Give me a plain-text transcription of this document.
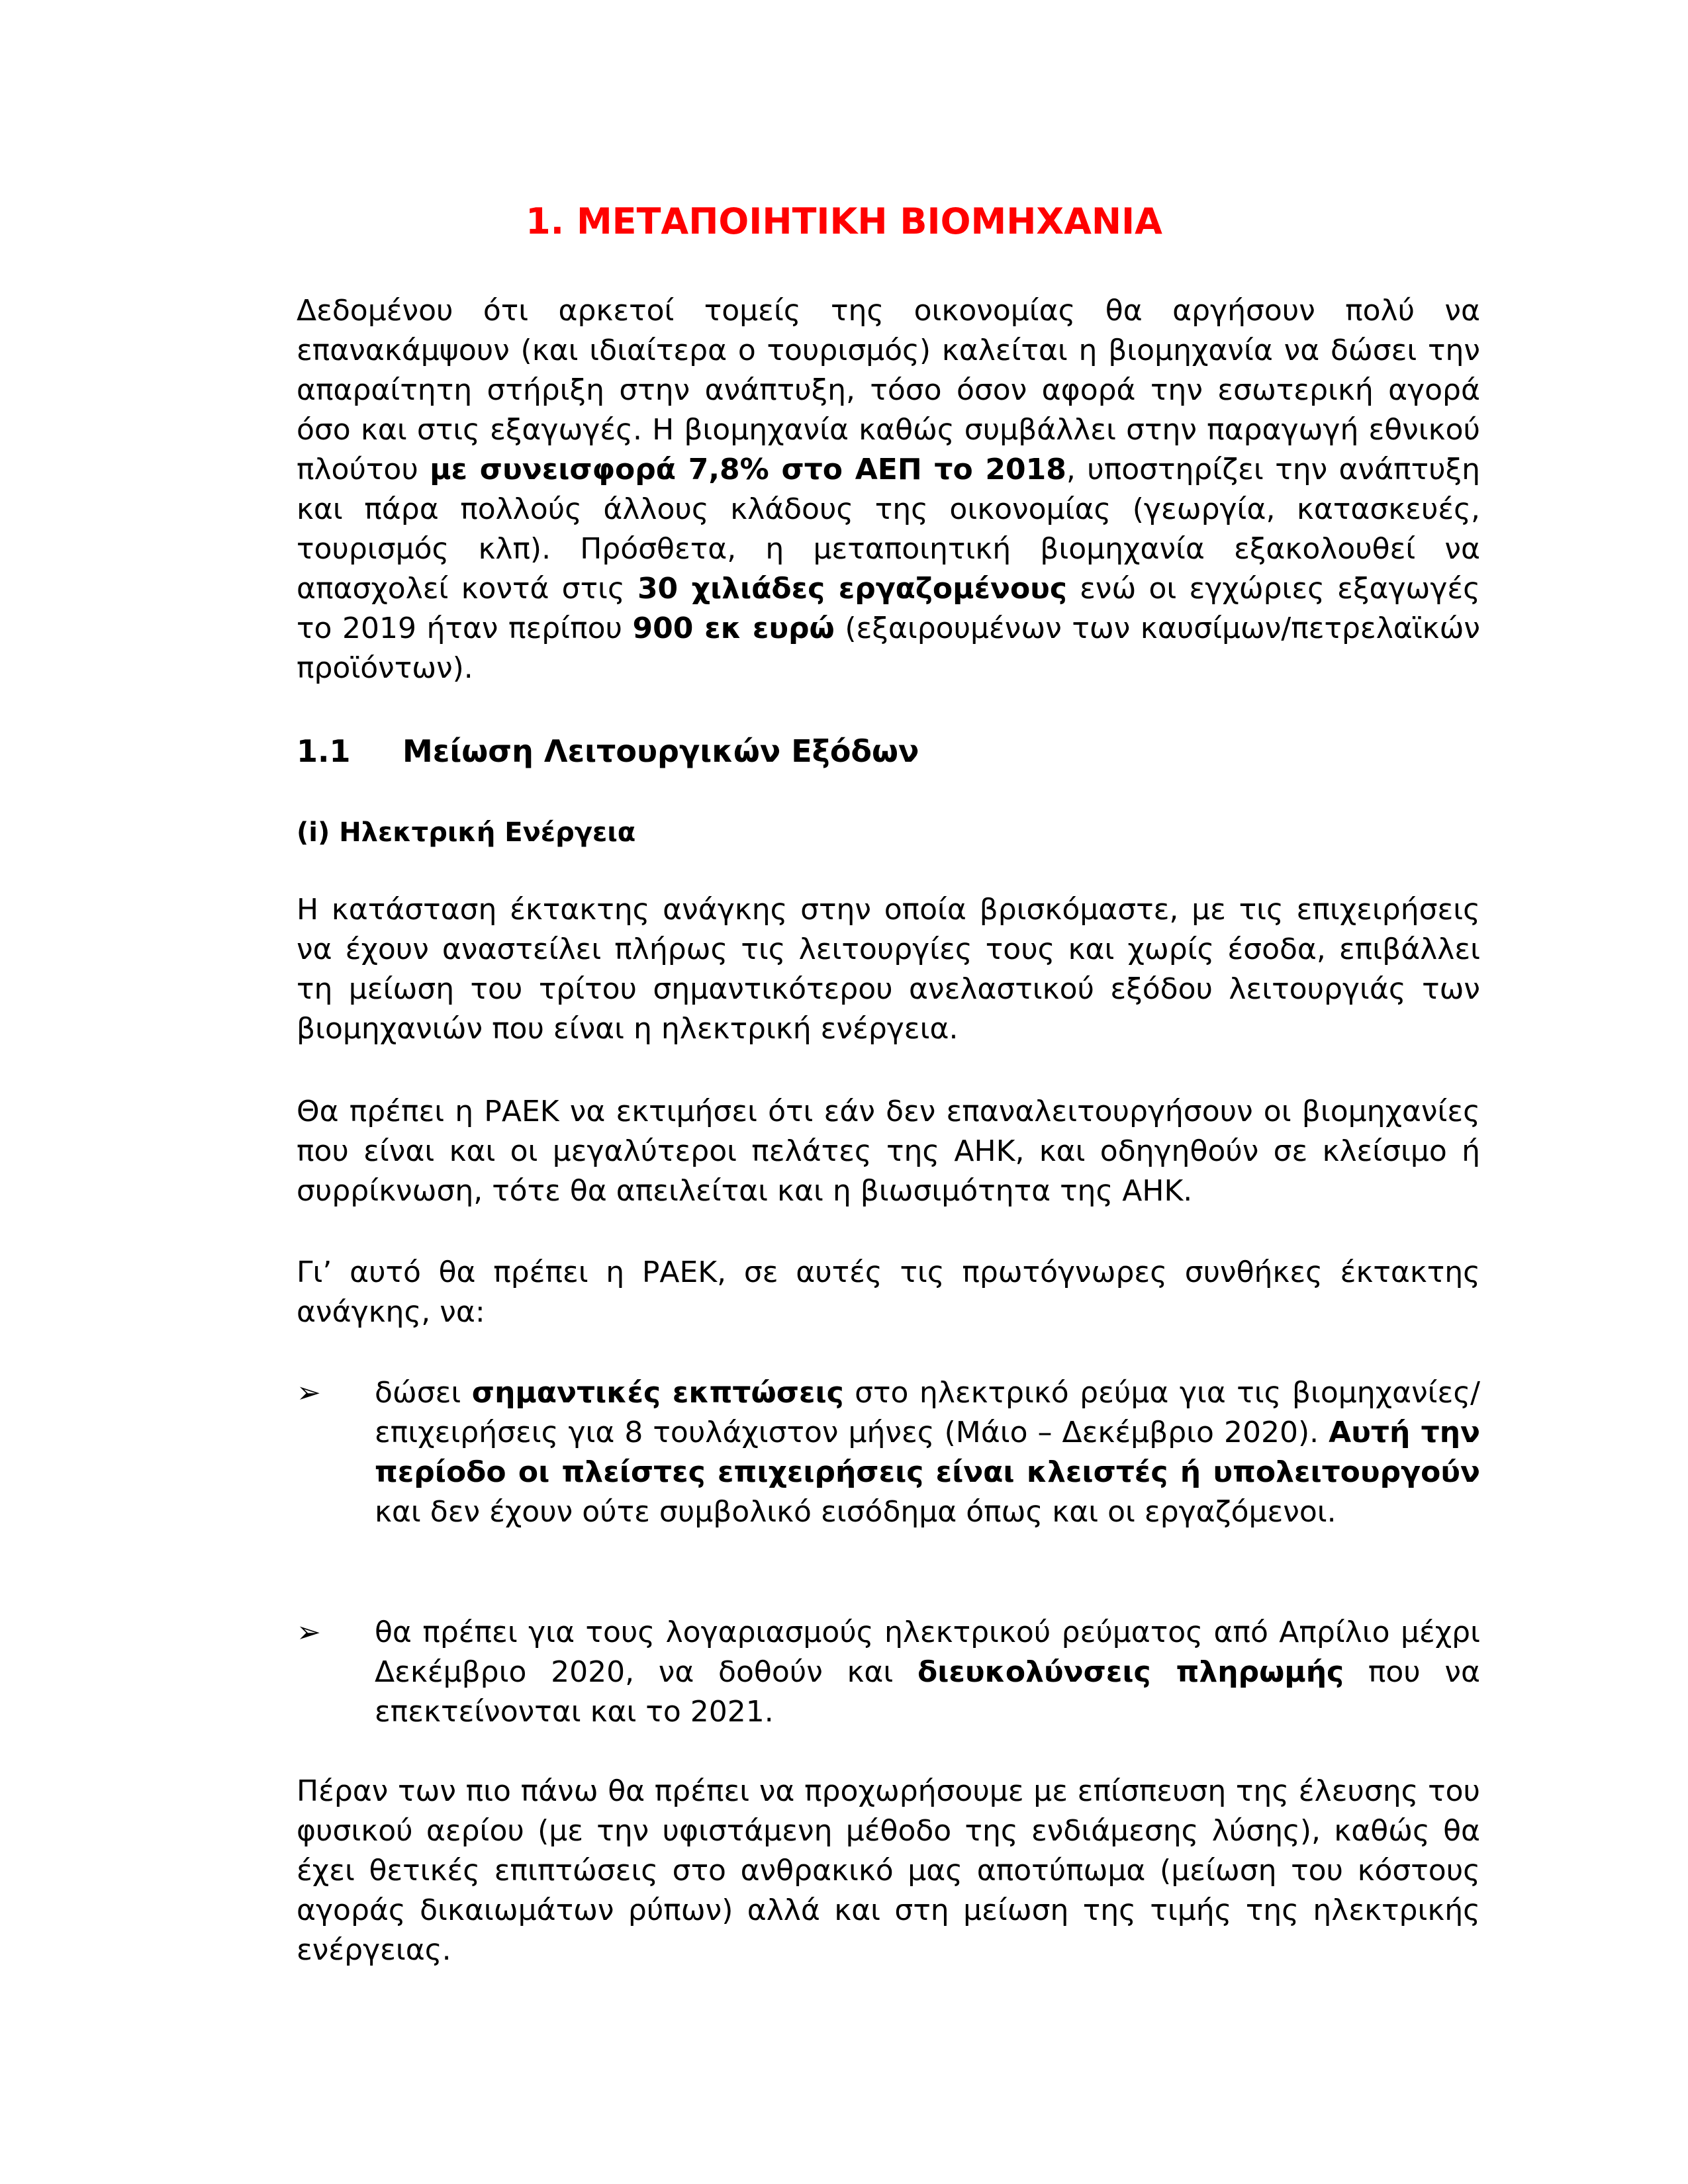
1. ΜΕΤΑΠΟΙΗΤΙΚΗ ΒΙΟΜΗΧΑΝΙΑ
Δεδομένου ότι αρκετοί τομείς της οικονομίας θα αργήσουν πολύ να επανακάμψουν (και ιδιαίτερα ο τουρισμός) καλείται η βιομηχανία να δώσει την απαραίτητη στήριξη στην ανάπτυξη, τόσο όσον αφορά την εσωτερική αγορά όσο και στις εξαγωγές. Η βιομηχανία καθώς συμβάλλει στην παραγωγή εθνικού πλούτου με συνεισφορά 7,8% στο ΑΕΠ το 2018, υποστηρίζει την ανάπτυξη και πάρα πολλούς άλλους κλάδους της οικονομίας (γεωργία, κατασκευές, τουρισμός κλπ). Πρόσθετα, η μεταποιητική βιομηχανία εξακολουθεί να απασχολεί κοντά στις 30 χιλιάδες εργαζομένους ενώ οι εγχώριες εξαγωγές το 2019 ήταν περίπου 900 εκ ευρώ (εξαιρουμένων των καυσίμων/πετρελαϊκών προϊόντων).
1.1 Μείωση Λειτουργικών Εξόδων
(i) Ηλεκτρική Ενέργεια
Η κατάσταση έκτακτης ανάγκης στην οποία βρισκόμαστε, με τις επιχειρήσεις να έχουν αναστείλει πλήρως τις λειτουργίες τους και χωρίς έσοδα, επιβάλλει τη μείωση του τρίτου σημαντικότερου ανελαστικού εξόδου λειτουργιάς των βιομηχανιών που είναι η ηλεκτρική ενέργεια.
Θα πρέπει η ΡΑΕΚ να εκτιμήσει ότι εάν δεν επαναλειτουργήσουν οι βιομηχανίες που είναι και οι μεγαλύτεροι πελάτες της ΑΗΚ, και οδηγηθούν σε κλείσιμο ή συρρίκνωση, τότε θα απειλείται και η βιωσιμότητα της ΑΗΚ.
Γι’ αυτό θα πρέπει η ΡΑΕΚ, σε αυτές τις πρωτόγνωρες συνθήκες έκτακτης ανάγκης, να:
➢	δώσει σημαντικές εκπτώσεις στο ηλεκτρικό ρεύμα για τις βιομηχανίες/επιχειρήσεις για 8 τουλάχιστον μήνες (Μάιο – Δεκέμβριο 2020). Αυτή την περίοδο οι πλείστες επιχειρήσεις είναι κλειστές ή υπολειτουργούν και δεν έχουν ούτε συμβολικό εισόδημα όπως και οι εργαζόμενοι.
➢	θα πρέπει για τους λογαριασμούς ηλεκτρικού ρεύματος από Απρίλιο μέχρι Δεκέμβριο 2020, να δοθούν και διευκολύνσεις πληρωμής που να επεκτείνονται και το 2021.
Πέραν των πιο πάνω θα πρέπει να προχωρήσουμε με επίσπευση της έλευσης του φυσικού αερίου (με την υφιστάμενη μέθοδο της ενδιάμεσης λύσης), καθώς θα έχει θετικές επιπτώσεις στο ανθρακικό μας αποτύπωμα (μείωση του κόστους αγοράς δικαιωμάτων ρύπων) αλλά και στη μείωση της τιμής της ηλεκτρικής ενέργειας.
